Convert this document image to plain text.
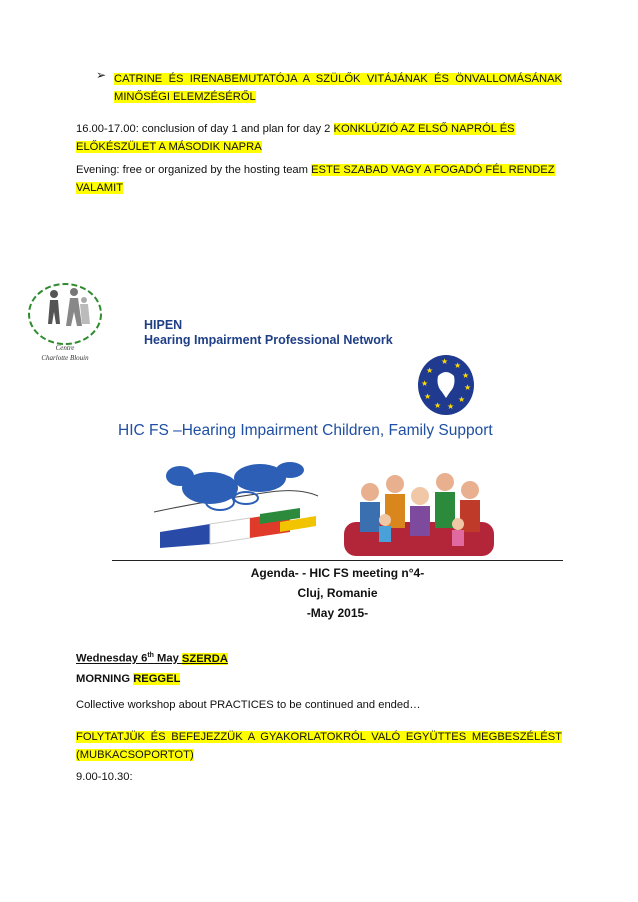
➢ CATRINE ÉS IRENABEMUTATÓJA A SZÜLŐK VITÁJÁNAK ÉS ÖNVALLOMÁSÁNAK MINŐSÉGI ELEMZÉSÉRŐL
16.00-17.00: conclusion of day 1 and plan for day 2 KONKLÚZIÓ AZ ELSŐ NAPRÓL ÉS ELŐKÉSZÜLET A MÁSODIK NAPRA
Evening: free or organized by the hosting team ESTE SZABAD VAGY A FOGADÓ FÉL RENDEZ VALAMIT
Centre
Charlotte Blouin
HIPEN
Hearing Impairment Professional Network
★ ★
★
★
★
★
★
★
★
★
HIC FS –Hearing Impairment Children, Family Support
Agenda- - HIC FS meeting n°4-
Cluj, Romanie
-May 2015-
Wednesday 6th May SZERDA
MORNING REGGEL
Collective workshop about PRACTICES to be continued and ended…
FOLYTATJÜK ÉS BEFEJEZZÜK A GYAKORLATOKRÓL VALÓ EGYÜTTES MEGBESZÉLÉST (MUBKACSOPORTOT)
9.00-10.30:
